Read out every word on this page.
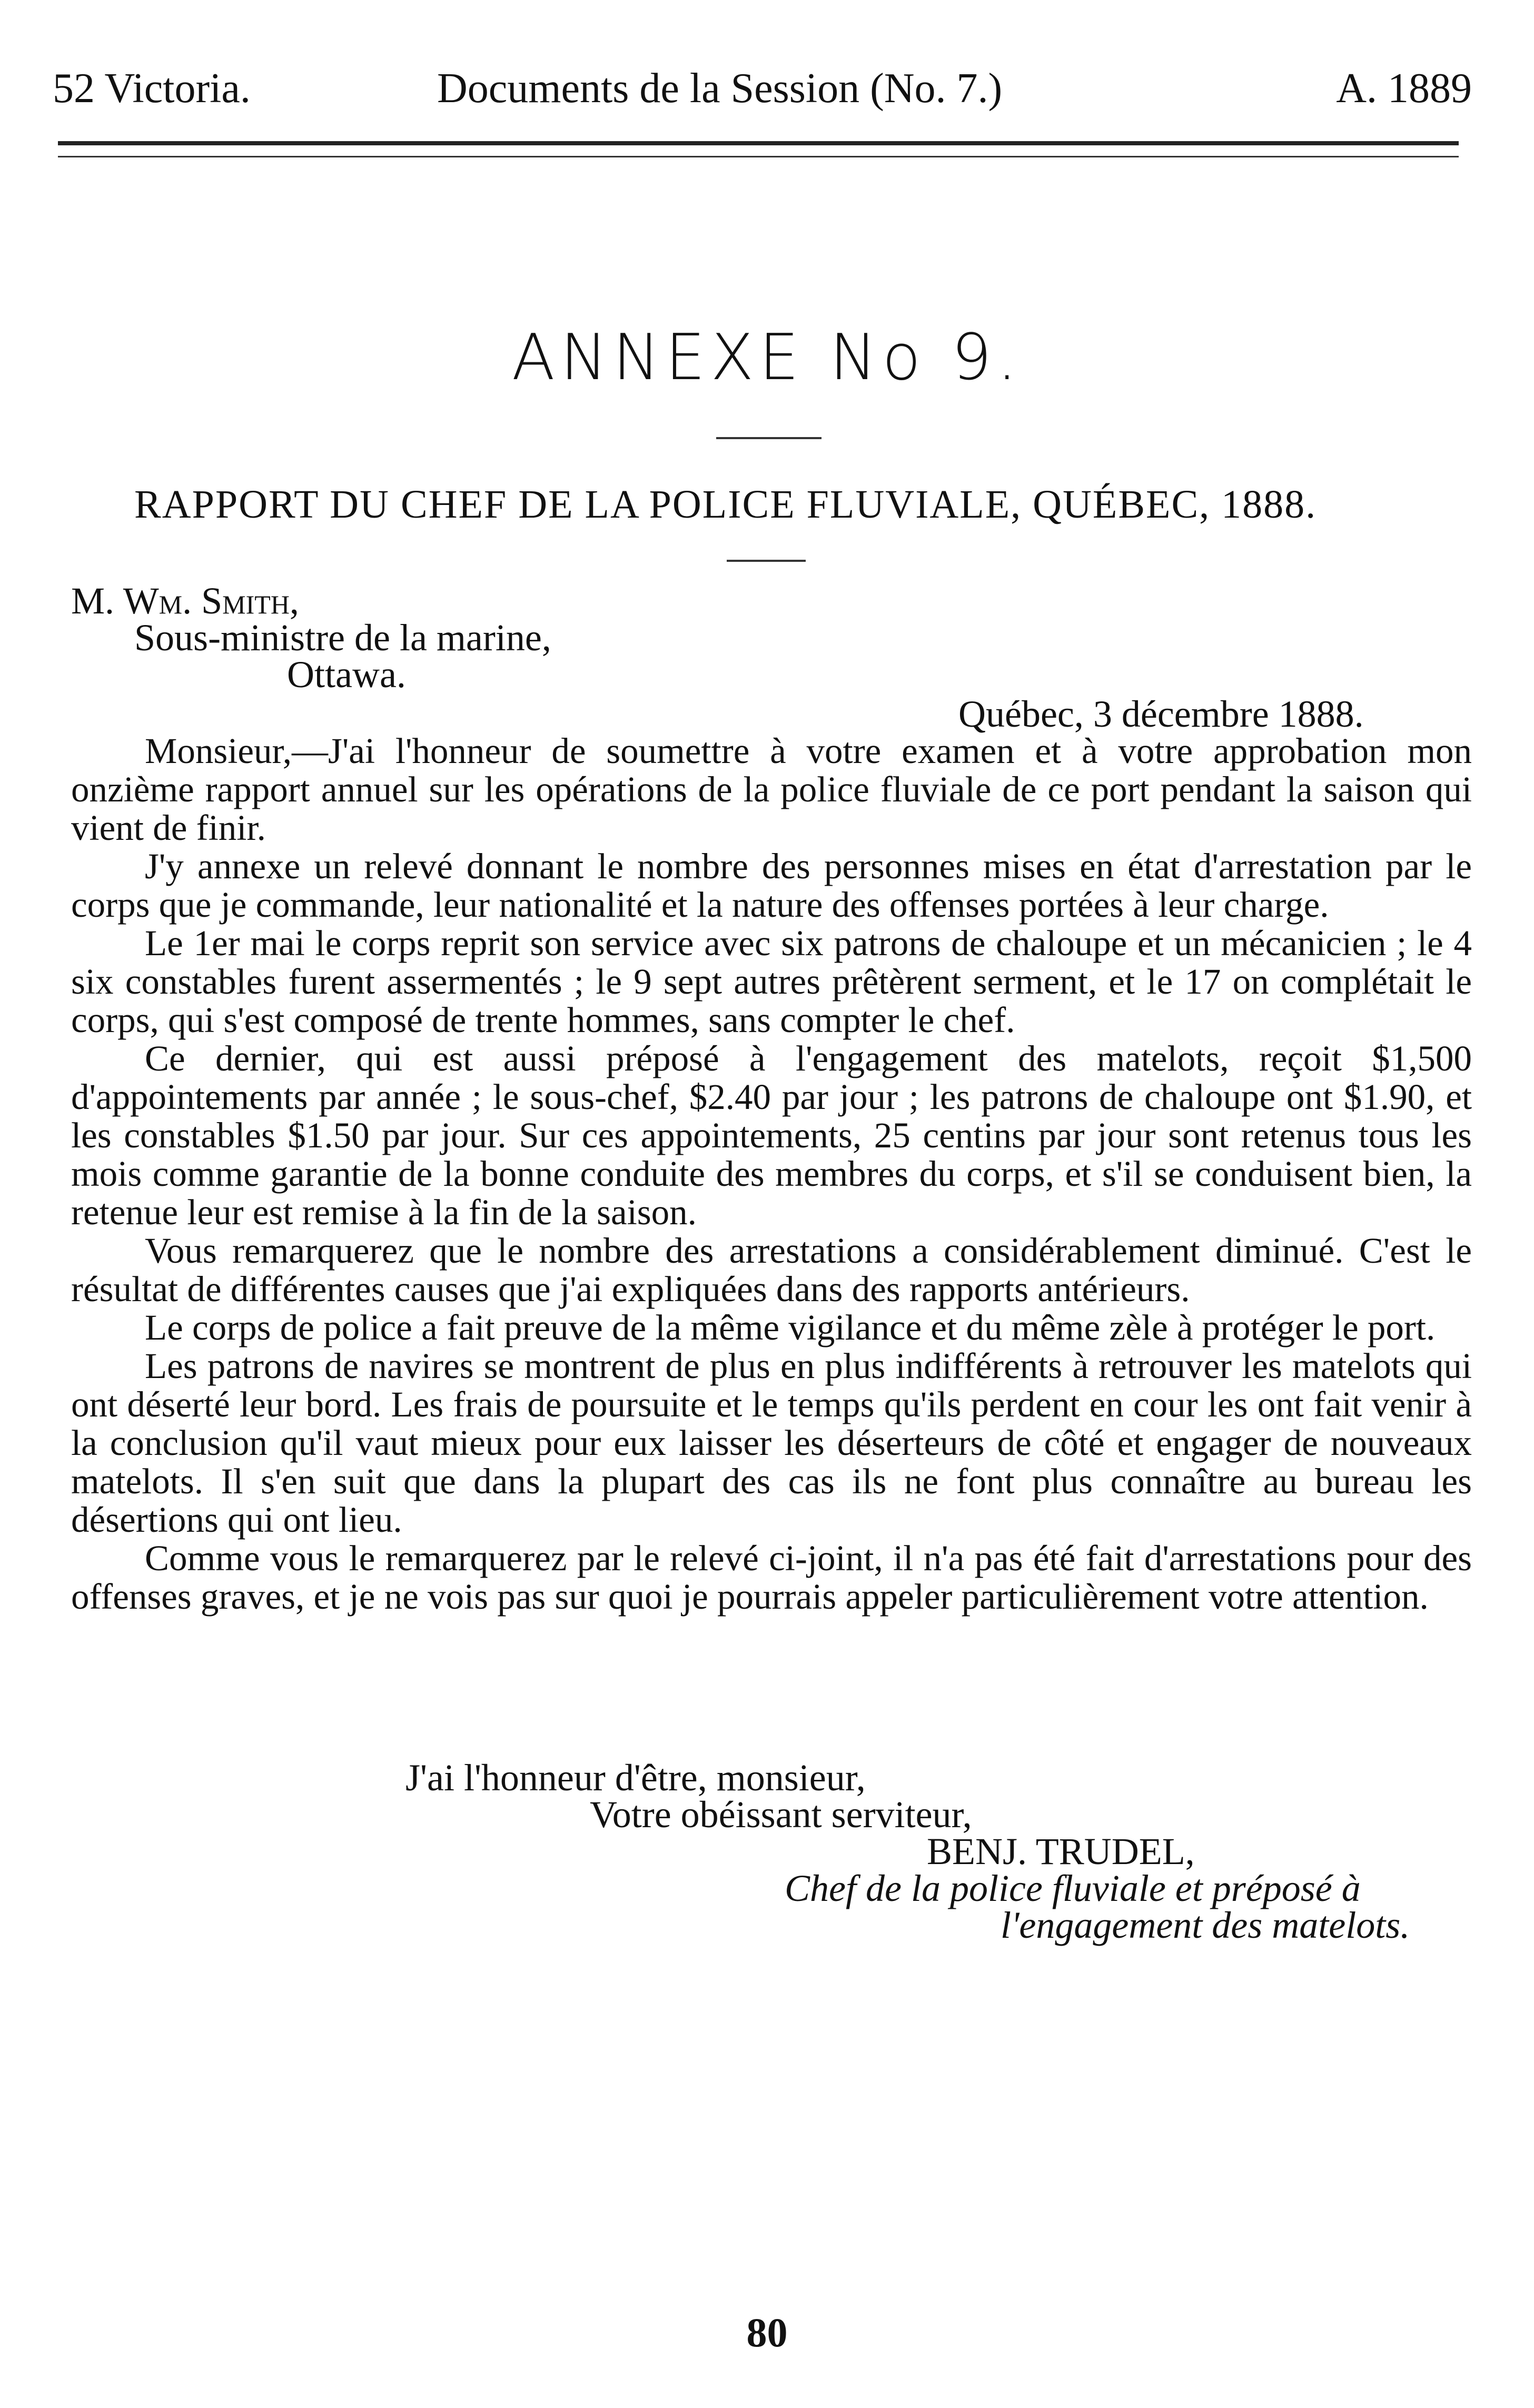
52 Victoria.	Documents de la Session (No. 7.)	A. 1889
ANNEXE No 9.
RAPPORT DU CHEF DE LA POLICE FLUVIALE, QUÉBEC, 1888.
M. Wm. Smith,
Sous-ministre de la marine,
Ottawa.
Québec, 3 décembre 1888.

Monsieur,—J'ai l'honneur de soumettre à votre examen et à votre approbation mon onzième rapport annuel sur les opérations de la police fluviale de ce port pendant la saison qui vient de finir.

J'y annexe un relevé donnant le nombre des personnes mises en état d'arrestation par le corps que je commande, leur nationalité et la nature des offenses portées à leur charge.

Le 1er mai le corps reprit son service avec six patrons de chaloupe et un mécanicien ; le 4 six constables furent assermentés ; le 9 sept autres prêtèrent serment, et le 17 on complétait le corps, qui s'est composé de trente hommes, sans compter le chef.

Ce dernier, qui est aussi préposé à l'engagement des matelots, reçoit $1,500 d'appointements par année ; le sous-chef, $2.40 par jour ; les patrons de chaloupe ont $1.90, et les constables $1.50 par jour. Sur ces appointements, 25 centins par jour sont retenus tous les mois comme garantie de la bonne conduite des membres du corps, et s'il se conduisent bien, la retenue leur est remise à la fin de la saison.

Vous remarquerez que le nombre des arrestations a considérablement diminué. C'est le résultat de différentes causes que j'ai expliquées dans des rapports antérieurs.

Le corps de police a fait preuve de la même vigilance et du même zèle à protéger le port.

Les patrons de navires se montrent de plus en plus indifférents à retrouver les matelots qui ont déserté leur bord. Les frais de poursuite et le temps qu'ils perdent en cour les ont fait venir à la conclusion qu'il vaut mieux pour eux laisser les déserteurs de côté et engager de nouveaux matelots. Il s'en suit que dans la plupart des cas ils ne font plus connaître au bureau les désertions qui ont lieu.

Comme vous le remarquerez par le relevé ci-joint, il n'a pas été fait d'arrestations pour des offenses graves, et je ne vois pas sur quoi je pourrais appeler particulièrement votre attention.

J'ai l'honneur d'être, monsieur,
Votre obéissant serviteur,
BENJ. TRUDEL,
Chef de la police fluviale et préposé à
l'engagement des matelots.
80
